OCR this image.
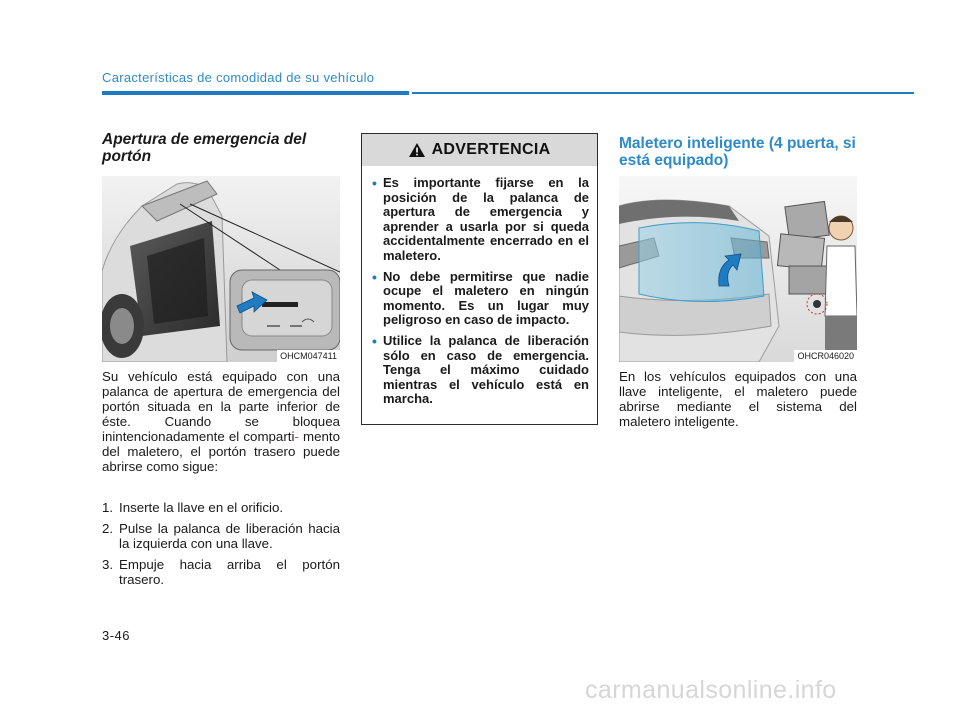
Características de comodidad de su vehículo
Apertura de emergencia del portón
OHCM047411
Su vehículo está equipado con una palanca de apertura de emergencia del portón situada en la parte inferior de éste. Cuando se bloquea inintencionadamente el comparti- mento del maletero, el portón trasero puede abrirse como sigue:
1. Inserte la llave en el orificio.
2. Pulse la palanca de liberación hacia la izquierda con una llave.
3. Empuje hacia arriba el portón trasero.
ADVERTENCIA
• Es importante fijarse en la posición de la palanca de apertura de emergencia y aprender a usarla por si queda accidentalmente encerrado en el maletero.
• No debe permitirse que nadie ocupe el maletero en ningún momento. Es un lugar muy peligroso en caso de impacto.
• Utilice la palanca de liberación sólo en caso de emergencia. Tenga el máximo cuidado mientras el vehículo está en marcha.
Maletero inteligente (4 puerta, si está equipado)
OHCR046020
En los vehículos equipados con una llave inteligente, el maletero puede abrirse mediante el sistema del maletero inteligente.
3-46
carmanualsonline.info
